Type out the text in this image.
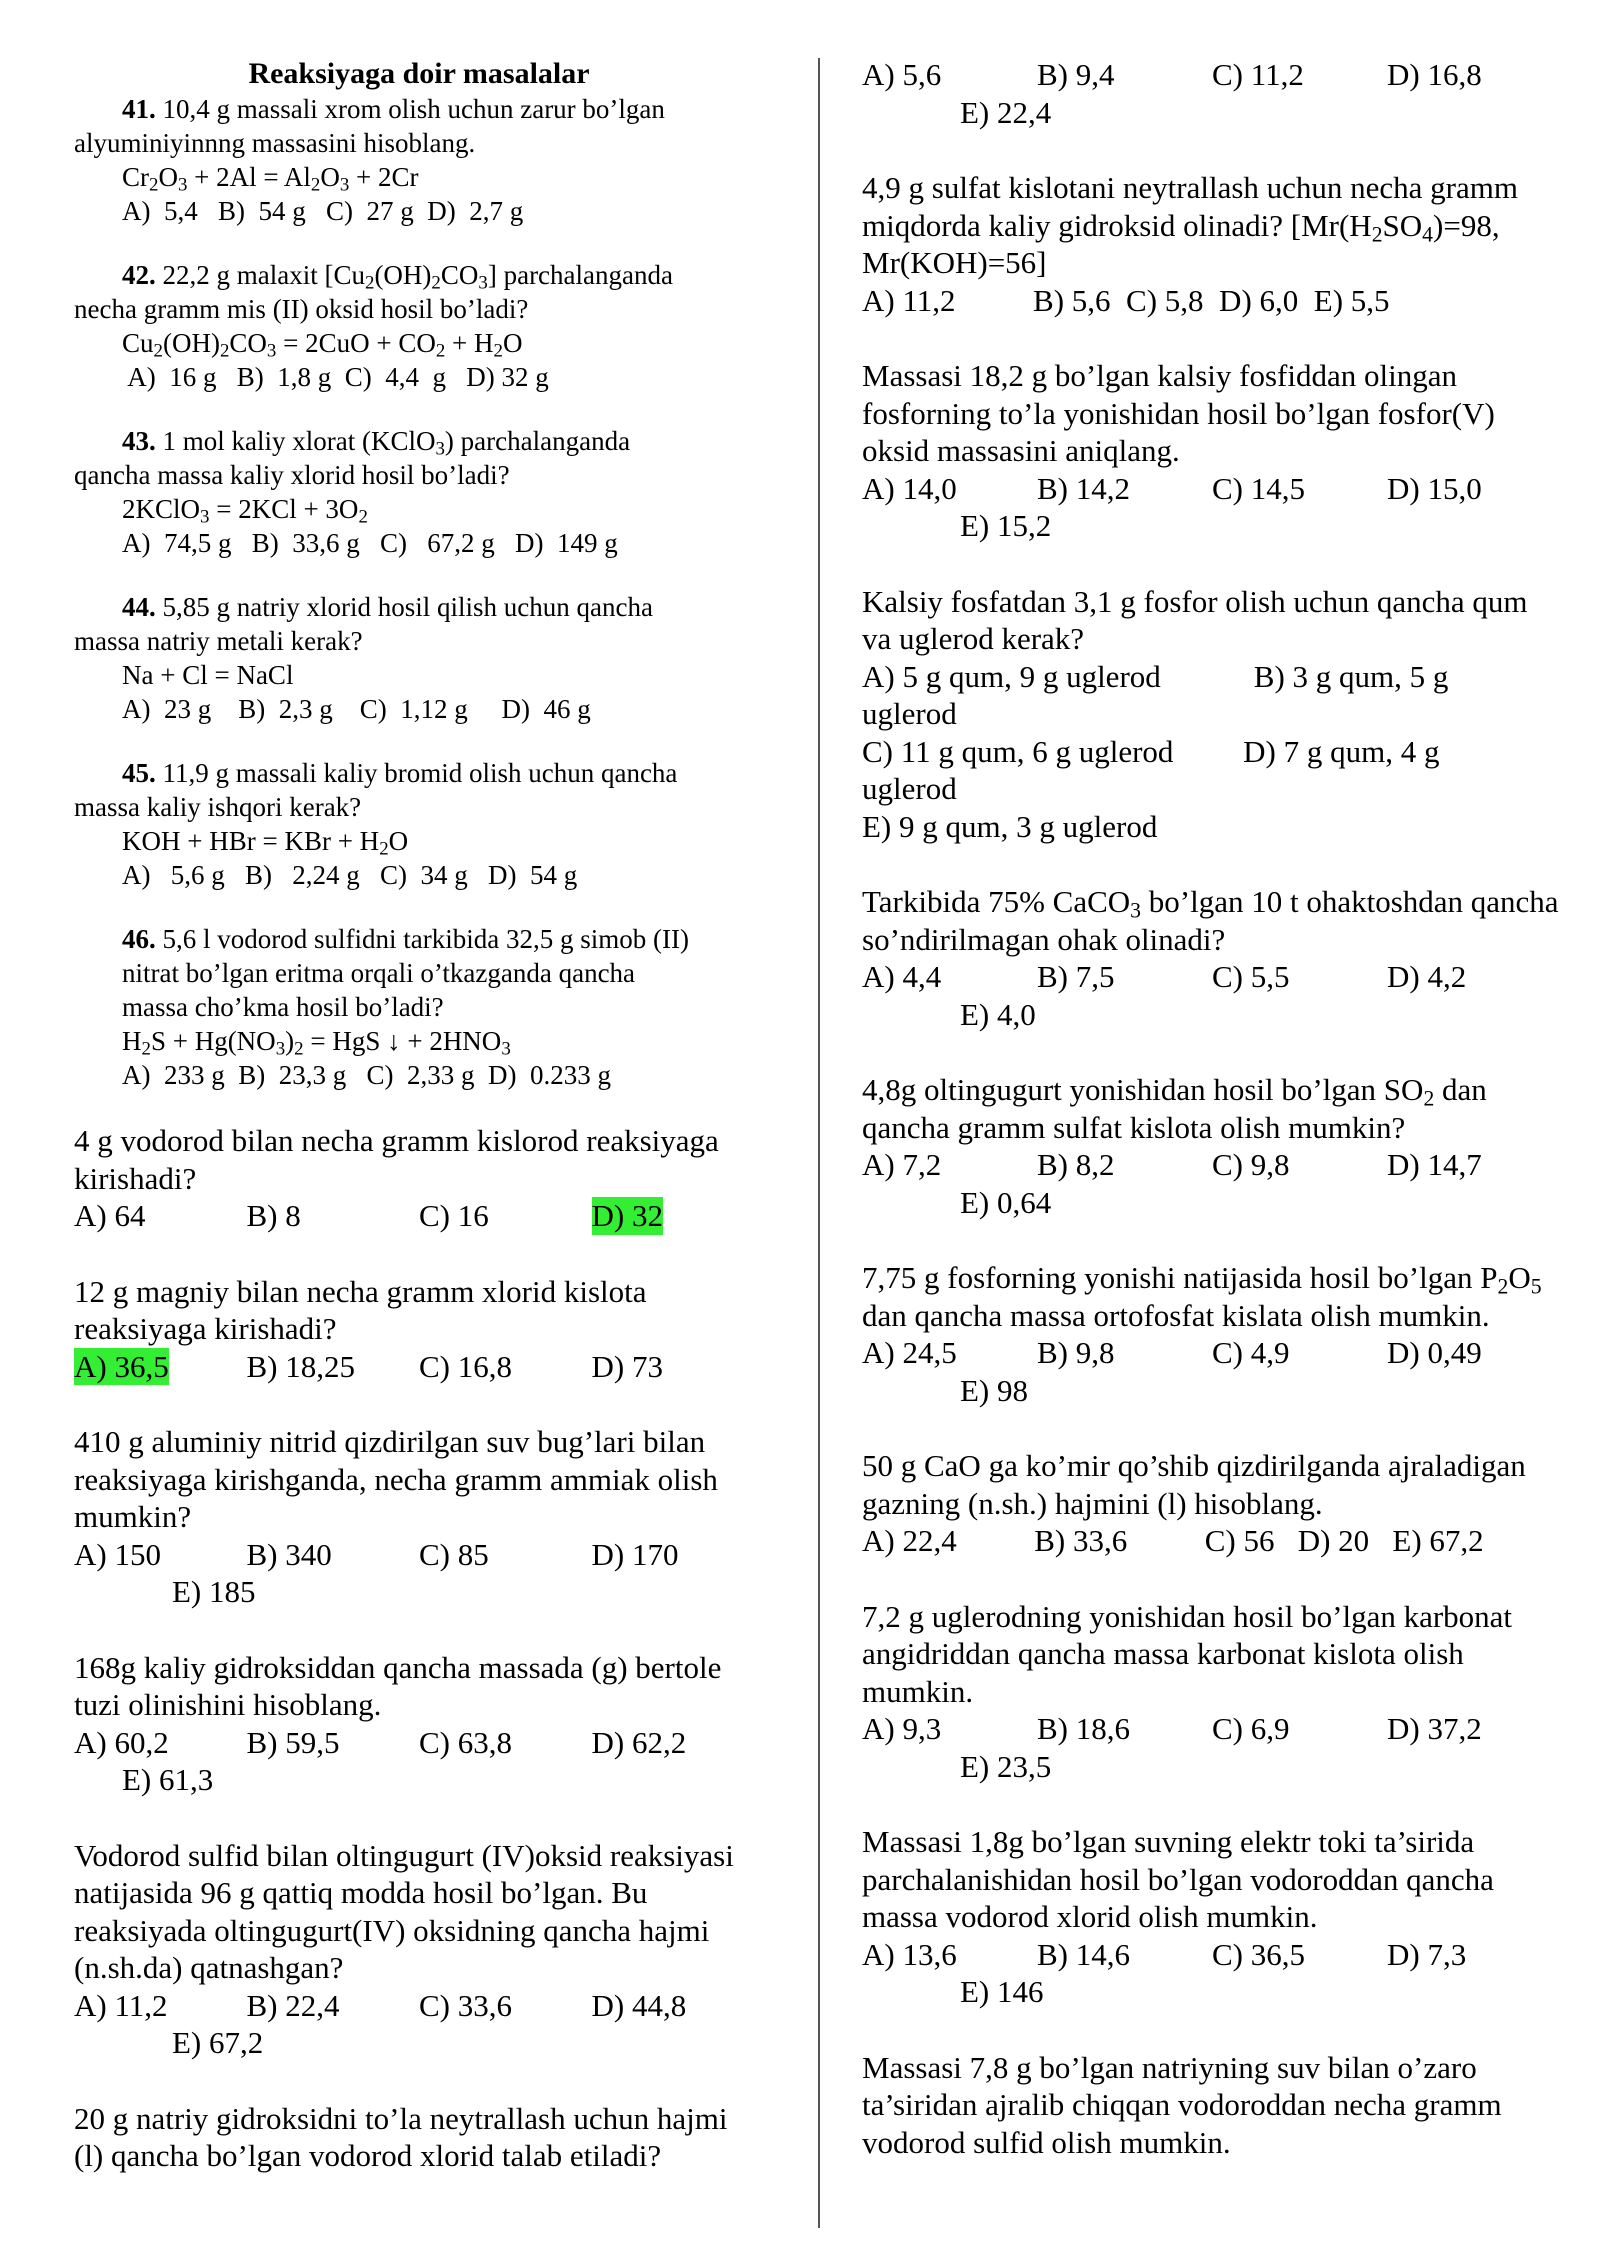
Reaksiyaga doir masalalar

41. 10,4 g massali xrom olish uchun zarur bo’lgan

alyuminiyinnng massasini hisoblang.

$Cr_2O_3 + 2Al = Al_2O_3 + 2Cr$

A)  5,4   B)  54 g   C)  27 g  D)  2,7 g

42. 22,2 g malaxit $[Cu_2(OH)_2CO_3]$ parchalanganda

necha gramm mis (II) oksid hosil bo’ladi?

$Cu_2(OH)_2CO_3 = 2CuO + CO_2 + H_2O$

A)  16 g   B)  1,8 g  C)  4,4  g   D) 32 g

43. 1 mol kaliy xlorat (KClO$_3$) parchalanganda

qancha massa kaliy xlorid hosil bo’ladi?

2KClO$_3$ = $2KCl + 3O_2$

A)  74,5 g   B)  33,6 g   C)   67,2 g   D)  149 g

44. 5,85 g natriy xlorid hosil qilish uchun qancha

massa natriy metali kerak?

Na + Cl = NaCl

A)  23 g    B)  2,3 g    C)  1,12 g     D)  46 g

45. 11,9 g massali kaliy bromid olish uchun qancha

massa kaliy ishqori kerak?

KOH + HBr = KBr + $H_2O$

A)   5,6 g   B)   2,24 g   C)  34 g   D)  54 g

46. 5,6 l vodorod sulfidni tarkibida 32,5 g simob (II)

nitrat bo’lgan eritma orqali o’tkazganda qancha

massa cho’kma hosil bo’ladi?

$H_2S + Hg(NO_3)_2$ = HgS ↓ + $2HNO_3$

A)  233 g  B)  23,3 g   C)  2,33 g  D)  0.233 g

4 g vodorod bilan necha gramm kislorod reaksiyaga kirishadi?

A) 64	B) 8	C) 16	D) 32

12 g magniy bilan necha gramm xlorid kislota reaksiyaga kirishadi?

A) 36,5	B) 18,25	C) 16,8	D) 73

410 g aluminiy nitrid qizdirilgan suv bug’lari bilan reaksiyaga kirishganda, necha gramm ammiak olish mumkin?

A) 150	B) 340	C) 85	D) 170
E) 185

168g kaliy gidroksiddan qancha massada (g) bertole tuzi olinishini hisoblang.

A) 60,2	B) 59,5	C) 63,8	D) 62,2
E) 61,3

Vodorod sulfid bilan oltingugurt (IV)oksid reaksiyasi natijasida 96 g qattiq modda hosil bo’lgan. Bu reaksiyada oltingugurt(IV) oksidning qancha hajmi (n.sh.da) qatnashgan?

A) 11,2	B) 22,4	C) 33,6	D) 44,8
E) 67,2

20 g natriy gidroksidni to’la neytrallash uchun hajmi (l) qancha bo’lgan vodorod xlorid talab etiladi?

A) 5,6	B) 9,4	C) 11,2	D) 16,8
E) 22,4

4,9 g sulfat kislotani neytrallash uchun necha gramm miqdorda kaliy gidroksid olinadi? [$Mr(H_2SO_4)=98$, Mr(KOH)=56]

A) 11,2          B) 5,6  C) 5,8  D) 6,0  E) 5,5

Massasi 18,2 g bo’lgan kalsiy fosfiddan olingan fosforning to’la yonishidan hosil bo’lgan fosfor(V) oksid massasini aniqlang.

A) 14,0	B) 14,2	C) 14,5	D) 15,0
E) 15,2

Kalsiy fosfatdan 3,1 g fosfor olish uchun qancha qum va uglerod kerak?

A) 5 g qum, 9 g uglerod            B) 3 g qum, 5 g

uglerod

C) 11 g qum, 6 g uglerod         D) 7 g qum, 4 g

uglerod

E) 9 g qum, 3 g uglerod

Tarkibida 75% CaCO$_3$ bo’lgan 10 t ohaktoshdan qancha so’ndirilmagan ohak olinadi?

A) 4,4	B) 7,5	C) 5,5	D) 4,2
E) 4,0

4,8g oltingugurt yonishidan hosil bo’lgan $SO_2$ dan qancha gramm sulfat kislota olish mumkin?

A) 7,2	B) 8,2	C) 9,8	D) 14,7
E) 0,64

7,75 g fosforning yonishi natijasida hosil bo’lgan $P_2O_5$ dan qancha massa ortofosfat kislata olish mumkin.

A) 24,5	B) 9,8	C) 4,9	D) 0,49
E) 98

50 g CaO ga ko’mir qo’shib qizdirilganda ajraladigan gazning (n.sh.) hajmini (l) hisoblang.

A) 22,4          B) 33,6          C) 56   D) 20   E) 67,2

7,2 g uglerodning yonishidan hosil bo’lgan karbonat angidriddan qancha massa karbonat kislota olish mumkin.

A) 9,3	B) 18,6	C) 6,9	D) 37,2
E) 23,5

Massasi 1,8g bo’lgan suvning elektr toki ta’sirida parchalanishidan hosil bo’lgan vodoroddan qancha massa vodorod xlorid olish mumkin.

A) 13,6	B) 14,6	C) 36,5	D) 7,3
E) 146

Massasi 7,8 g bo’lgan natriyning suv bilan o’zaro ta’siridan ajralib chiqqan vodoroddan necha gramm vodorod sulfid olish mumkin.
